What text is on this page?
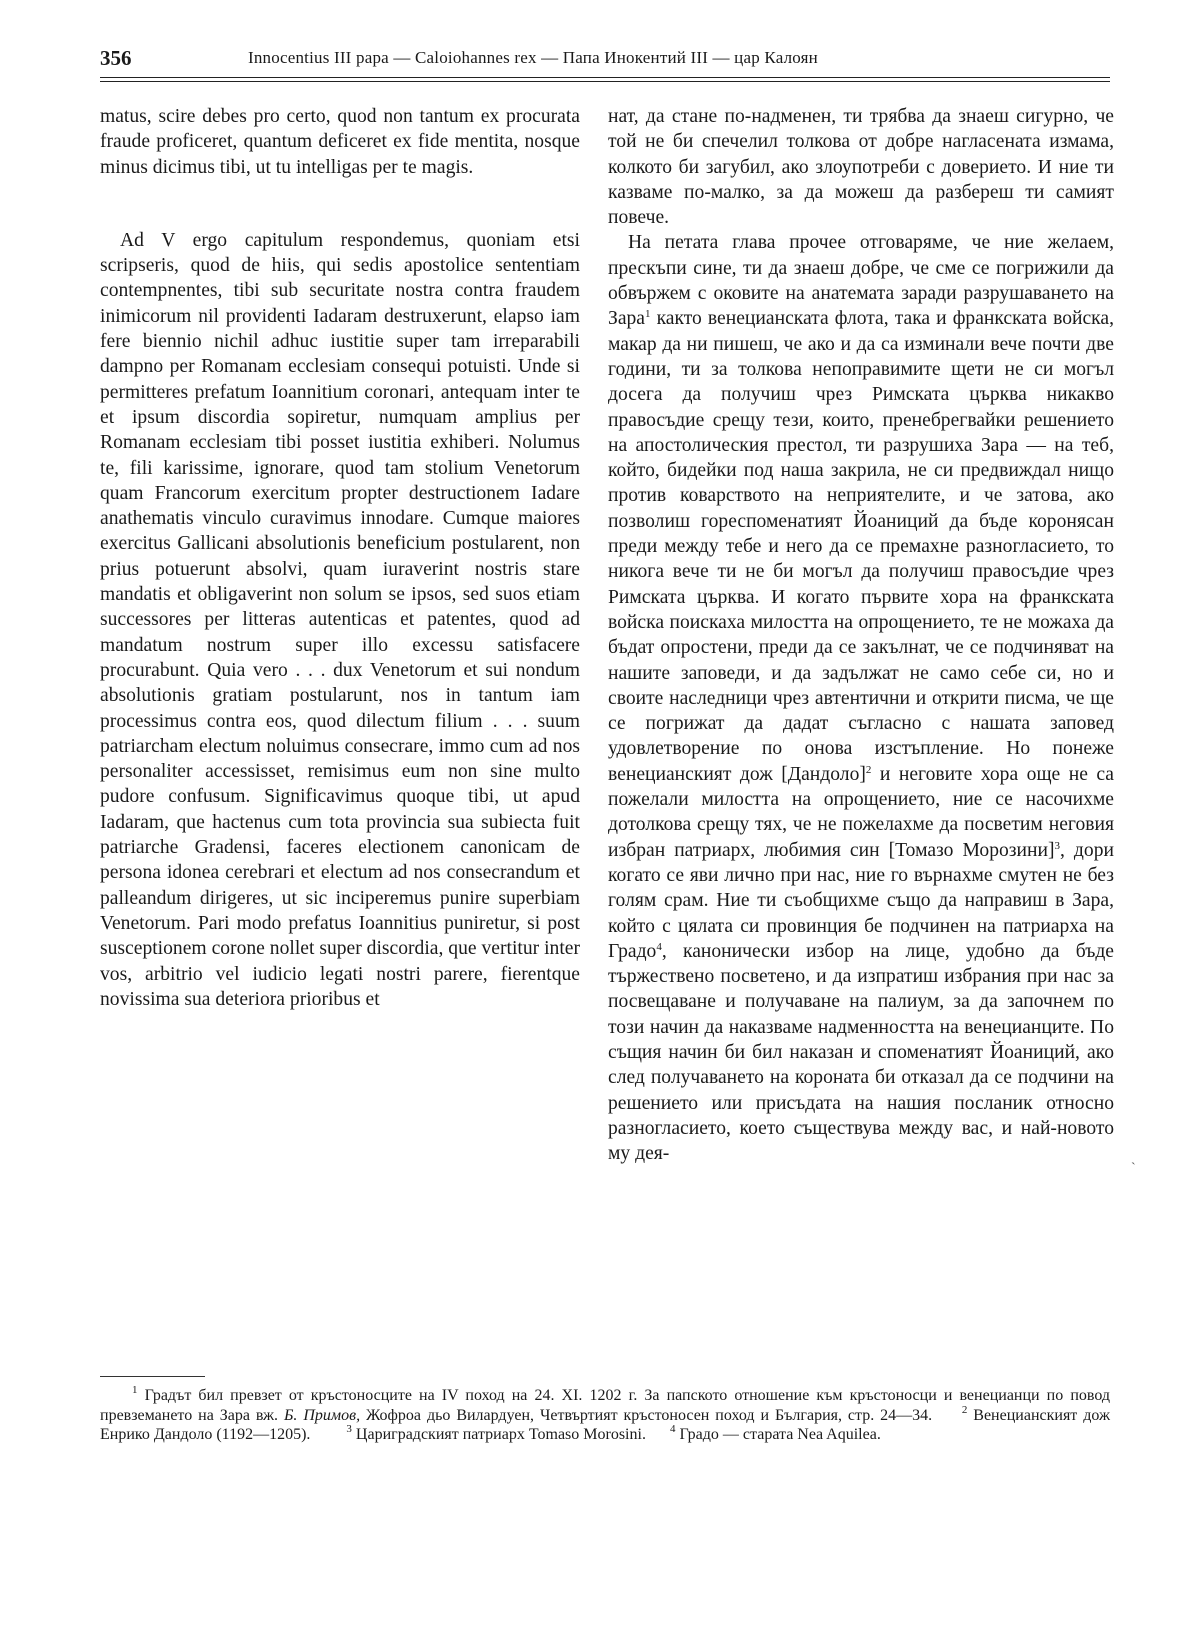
356	Innocentius III papa — Caloiohannes rex — Папа Инокентий III — цар Калоян

matus, scire debes pro certo, quod non tantum ex procurata fraude proficeret, quantum deficeret ex fide mentita, nosque minus dicimus tibi, ut tu intelligas per te magis.

Ad V ergo capitulum respondemus, quoniam etsi scripseris, quod de hiis, qui sedis apostolice sententiam contempnentes, tibi sub securitate nostra contra fraudem inimicorum nil providenti Iadaram destruxerunt, elapso iam fere biennio nichil adhuc iustitie super tam irreparabili dampno per Romanam ecclesiam consequi potuisti. Unde si permitteres prefatum Ioannitium coronari, antequam inter te et ipsum discordia sopiretur, numquam amplius per Romanam ecclesiam tibi posset iustitia exhiberi. Nolumus te, fili karissime, ignorare, quod tam stolium Venetorum quam Francorum exercitum propter destructionem Iadare anathematis vinculo curavimus innodare. Cumque maiores exercitus Gallicani absolutionis beneficium postularent, non prius potuerunt absolvi, quam iuraverint nostris stare mandatis et obligaverint non solum se ipsos, sed suos etiam successores per litteras autenticas et patentes, quod ad mandatum nostrum super illo excessu satisfacere procurabunt. Quia vero . . . dux Venetorum et sui nondum absolutionis gratiam postularunt, nos in tantum iam processimus contra eos, quod dilectum filium . . . suum patriarcham electum noluimus consecrare, immo cum ad nos personaliter accessisset, remisimus eum non sine multo pudore confusum. Significavimus quoque tibi, ut apud Iadaram, que hactenus cum tota provincia sua subiecta fuit patriarche Gradensi, faceres electionem canonicam de persona idonea cerebrari et electum ad nos consecrandum et palleandum dirigeres, ut sic inciperemus punire superbiam Venetorum. Pari modo prefatus Ioannitius puniretur, si post susceptionem corone nollet super discordia, que vertitur inter vos, arbitrio vel iudicio legati nostri parere, fierentque novissima sua deteriora prioribus et

нат, да стане по-надменен, ти трябва да знаеш сигурно, че той не би спечелил толкова от добре нагласената измама, колкото би загубил, ако злоупотреби с доверието. И ние ти казваме по-малко, за да можеш да разбереш ти самият повече.

На петата глава прочее отговаряме, че ние желаем, прескъпи сине, ти да знаеш добре, че сме се погрижили да обвържем с оковите на анатемата заради разрушаването на Зара$^1$ както венецианската флота, така и франкската войска, макар да ни пишеш, че ако и да са изминали вече почти две години, ти за толкова непоправимите щети не си могъл досега да получиш чрез Римската църква никакво правосъдие срещу тези, които, пренебрегвайки решението на апостолическия престол, ти разрушиха Зара — на теб, който, бидейки под наша закрила, не си предвиждал нищо против коварството на неприятелите, и че затова, ако позволиш гореспоменатият Йоаниций да бъде коронясан преди между тебе и него да се премахне разногласието, то никога вече ти не би могъл да получиш правосъдие чрез Римската църква. И когато първите хора на франкската войска поискаха милостта на опрощението, те не можаха да бъдат опростени, преди да се закълнат, че се подчиняват на нашите заповеди, и да задължат не само себе си, но и своите наследници чрез автентични и открити писма, че ще се погрижат да дадат съгласно с нашата заповед удовлетворение по онова изстъпление. Но понеже венецианският дож [Дандоло]$^2$ и неговите хора още не са пожелали милостта на опрощението, ние се насочихме дотолкова срещу тях, че не пожелахме да посветим неговия избран патриарх, любимия син [Томазо Морозини]$^3$, дори когато се яви лично при нас, ние го върнахме смутен не без голям срам. Ние ти съобщихме също да направиш в Зара, който с цялата си провинция бе подчинен на патриарха на Градо$^4$, канонически избор на лице, удобно да бъде тържествено посветено, и да изпратиш избрания при нас за посвещаване и получаване на палиум, за да започнем по този начин да наказваме надменността на венецианците. По същия начин би бил наказан и споменатият Йоаниций, ако след получаването на короната би отказал да се подчини на решението или присъдата на нашия посланик относно разногласието, което съществува между вас, и най-новото му дея-

`

$^1$ Градът бил превзет от кръстоносците на IV поход на 24. XI. 1202 г. За папското отношение към кръстоносци и венецианци по повод превземането на Зара вж. Б. Примов, Жофроа дьо Вилардуен, Четвъртият кръстоносен поход и България, стр. 24—34.	$^2$ Венецианският дож Енрико Дандоло (1192—1205).	$^3$ Цариградският патриарх Tomaso Morosini. $^4$ Градо — старата Nea Aquilea.
